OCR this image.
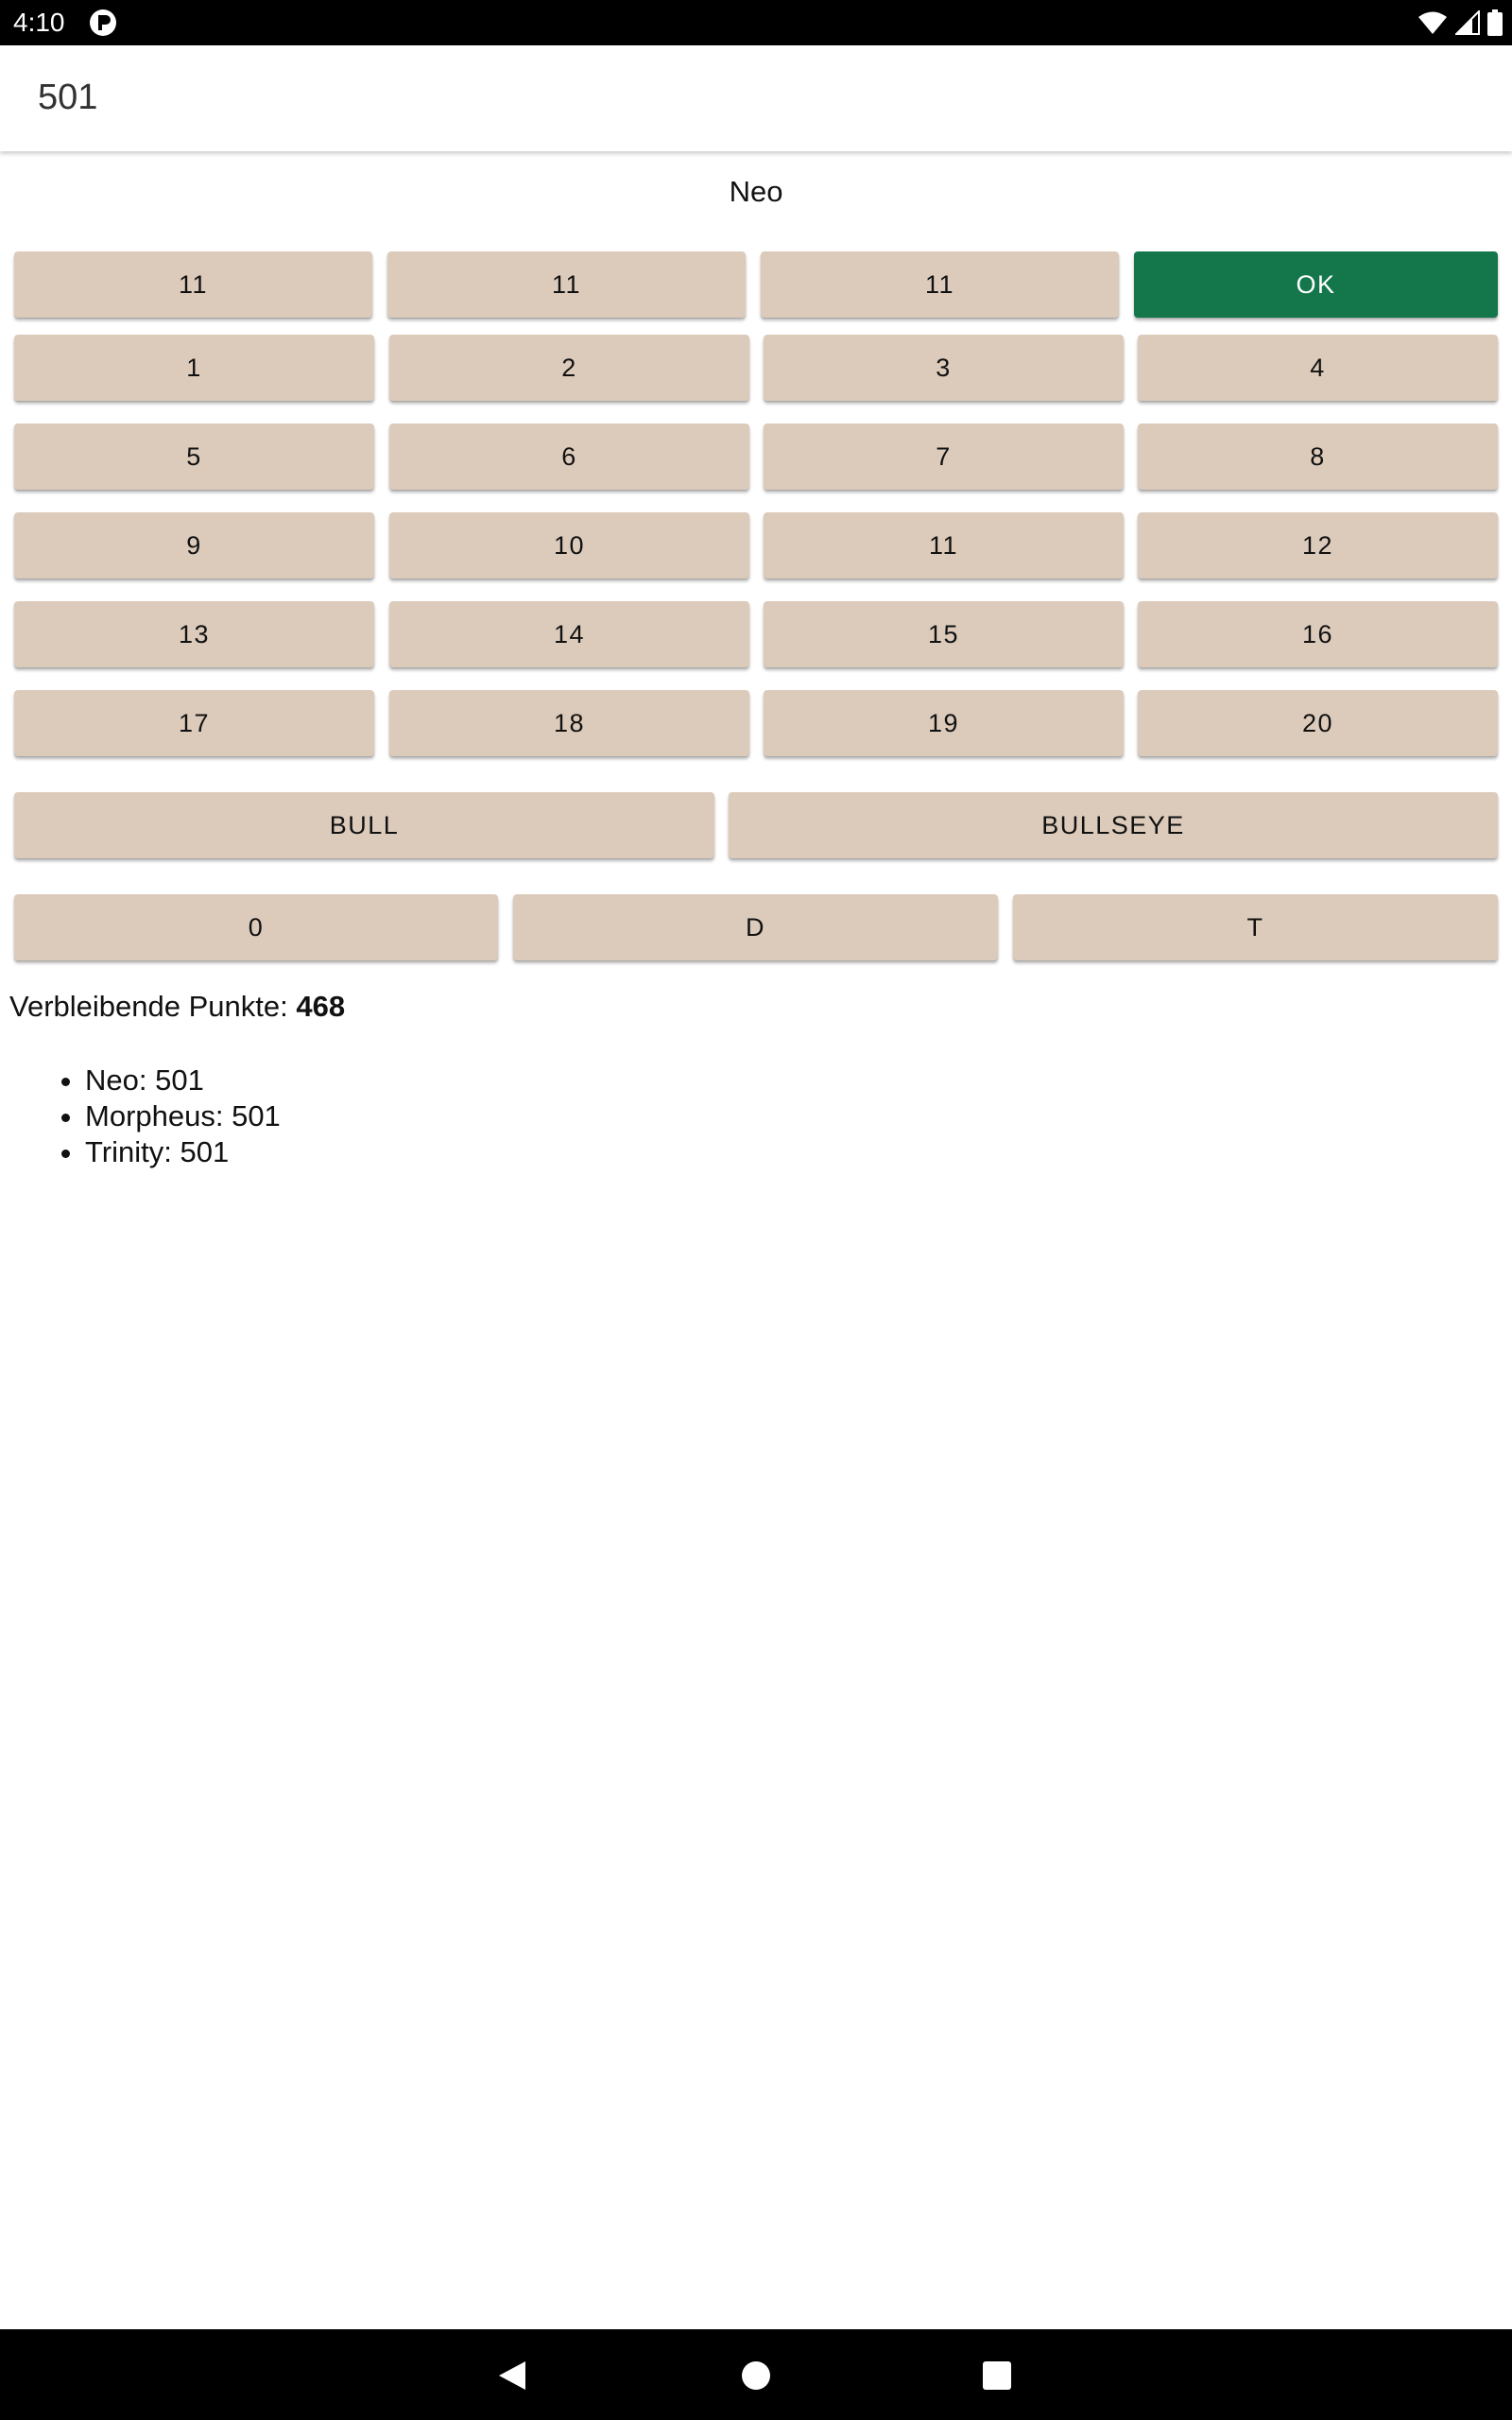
4:10
501
Neo
11	11	11	OK
1	2	3	4
5	6	7	8
9	10	11	12
13	14	15	16
17	18	19	20
BULL	BULLSEYE
0	D	T
Verbleibende Punkte: 468
• Neo: 501
• Morpheus: 501
• Trinity: 501
